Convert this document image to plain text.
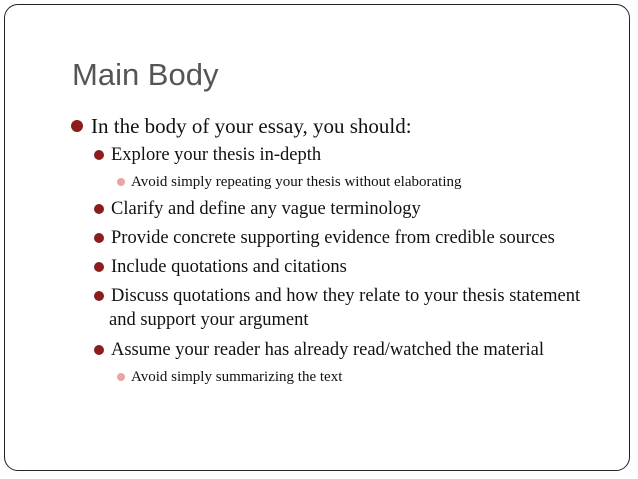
Main Body
In the body of your essay, you should:
Explore your thesis in-depth
Avoid simply repeating your thesis without elaborating
Clarify and define any vague terminology
Provide concrete supporting evidence from credible sources
Include quotations and citations
Discuss quotations and how they relate to your thesis statement
and support your argument
Assume your reader has already read/watched the material
Avoid simply summarizing the text
